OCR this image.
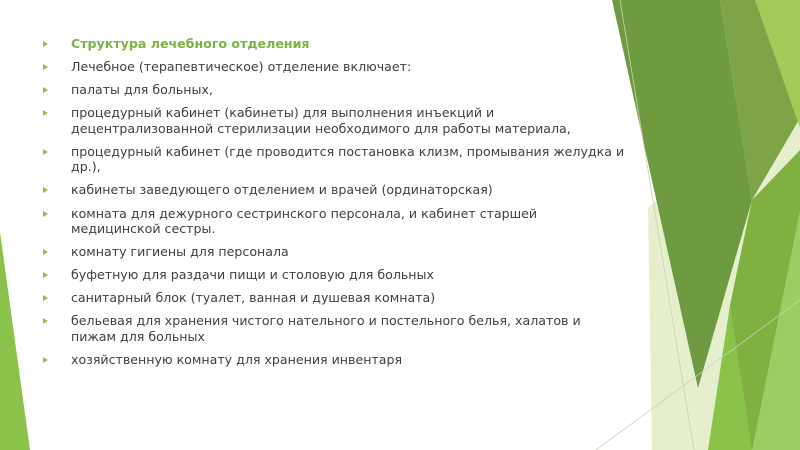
Структура лечебного отделения
Лечебное (терапевтическое) отделение включает:
палаты для больных,
процедурный кабинет (кабинеты) для выполнения инъекций и децентрализованной стерилизации необходимого для работы материала,
процедурный кабинет (где проводится постановка клизм, промывания желудка и др.),
кабинеты заведующего отделением и врачей (ординаторская)
комната для дежурного сестринского персонала, и кабинет старшей медицинской сестры.
комнату гигиены для персонала
буфетную для раздачи пищи и столовую для больных
санитарный блок (туалет, ванная и душевая комната)
бельевая для хранения чистого нательного и постельного белья, халатов и пижам для больных
хозяйственную комнату для хранения инвентаря
